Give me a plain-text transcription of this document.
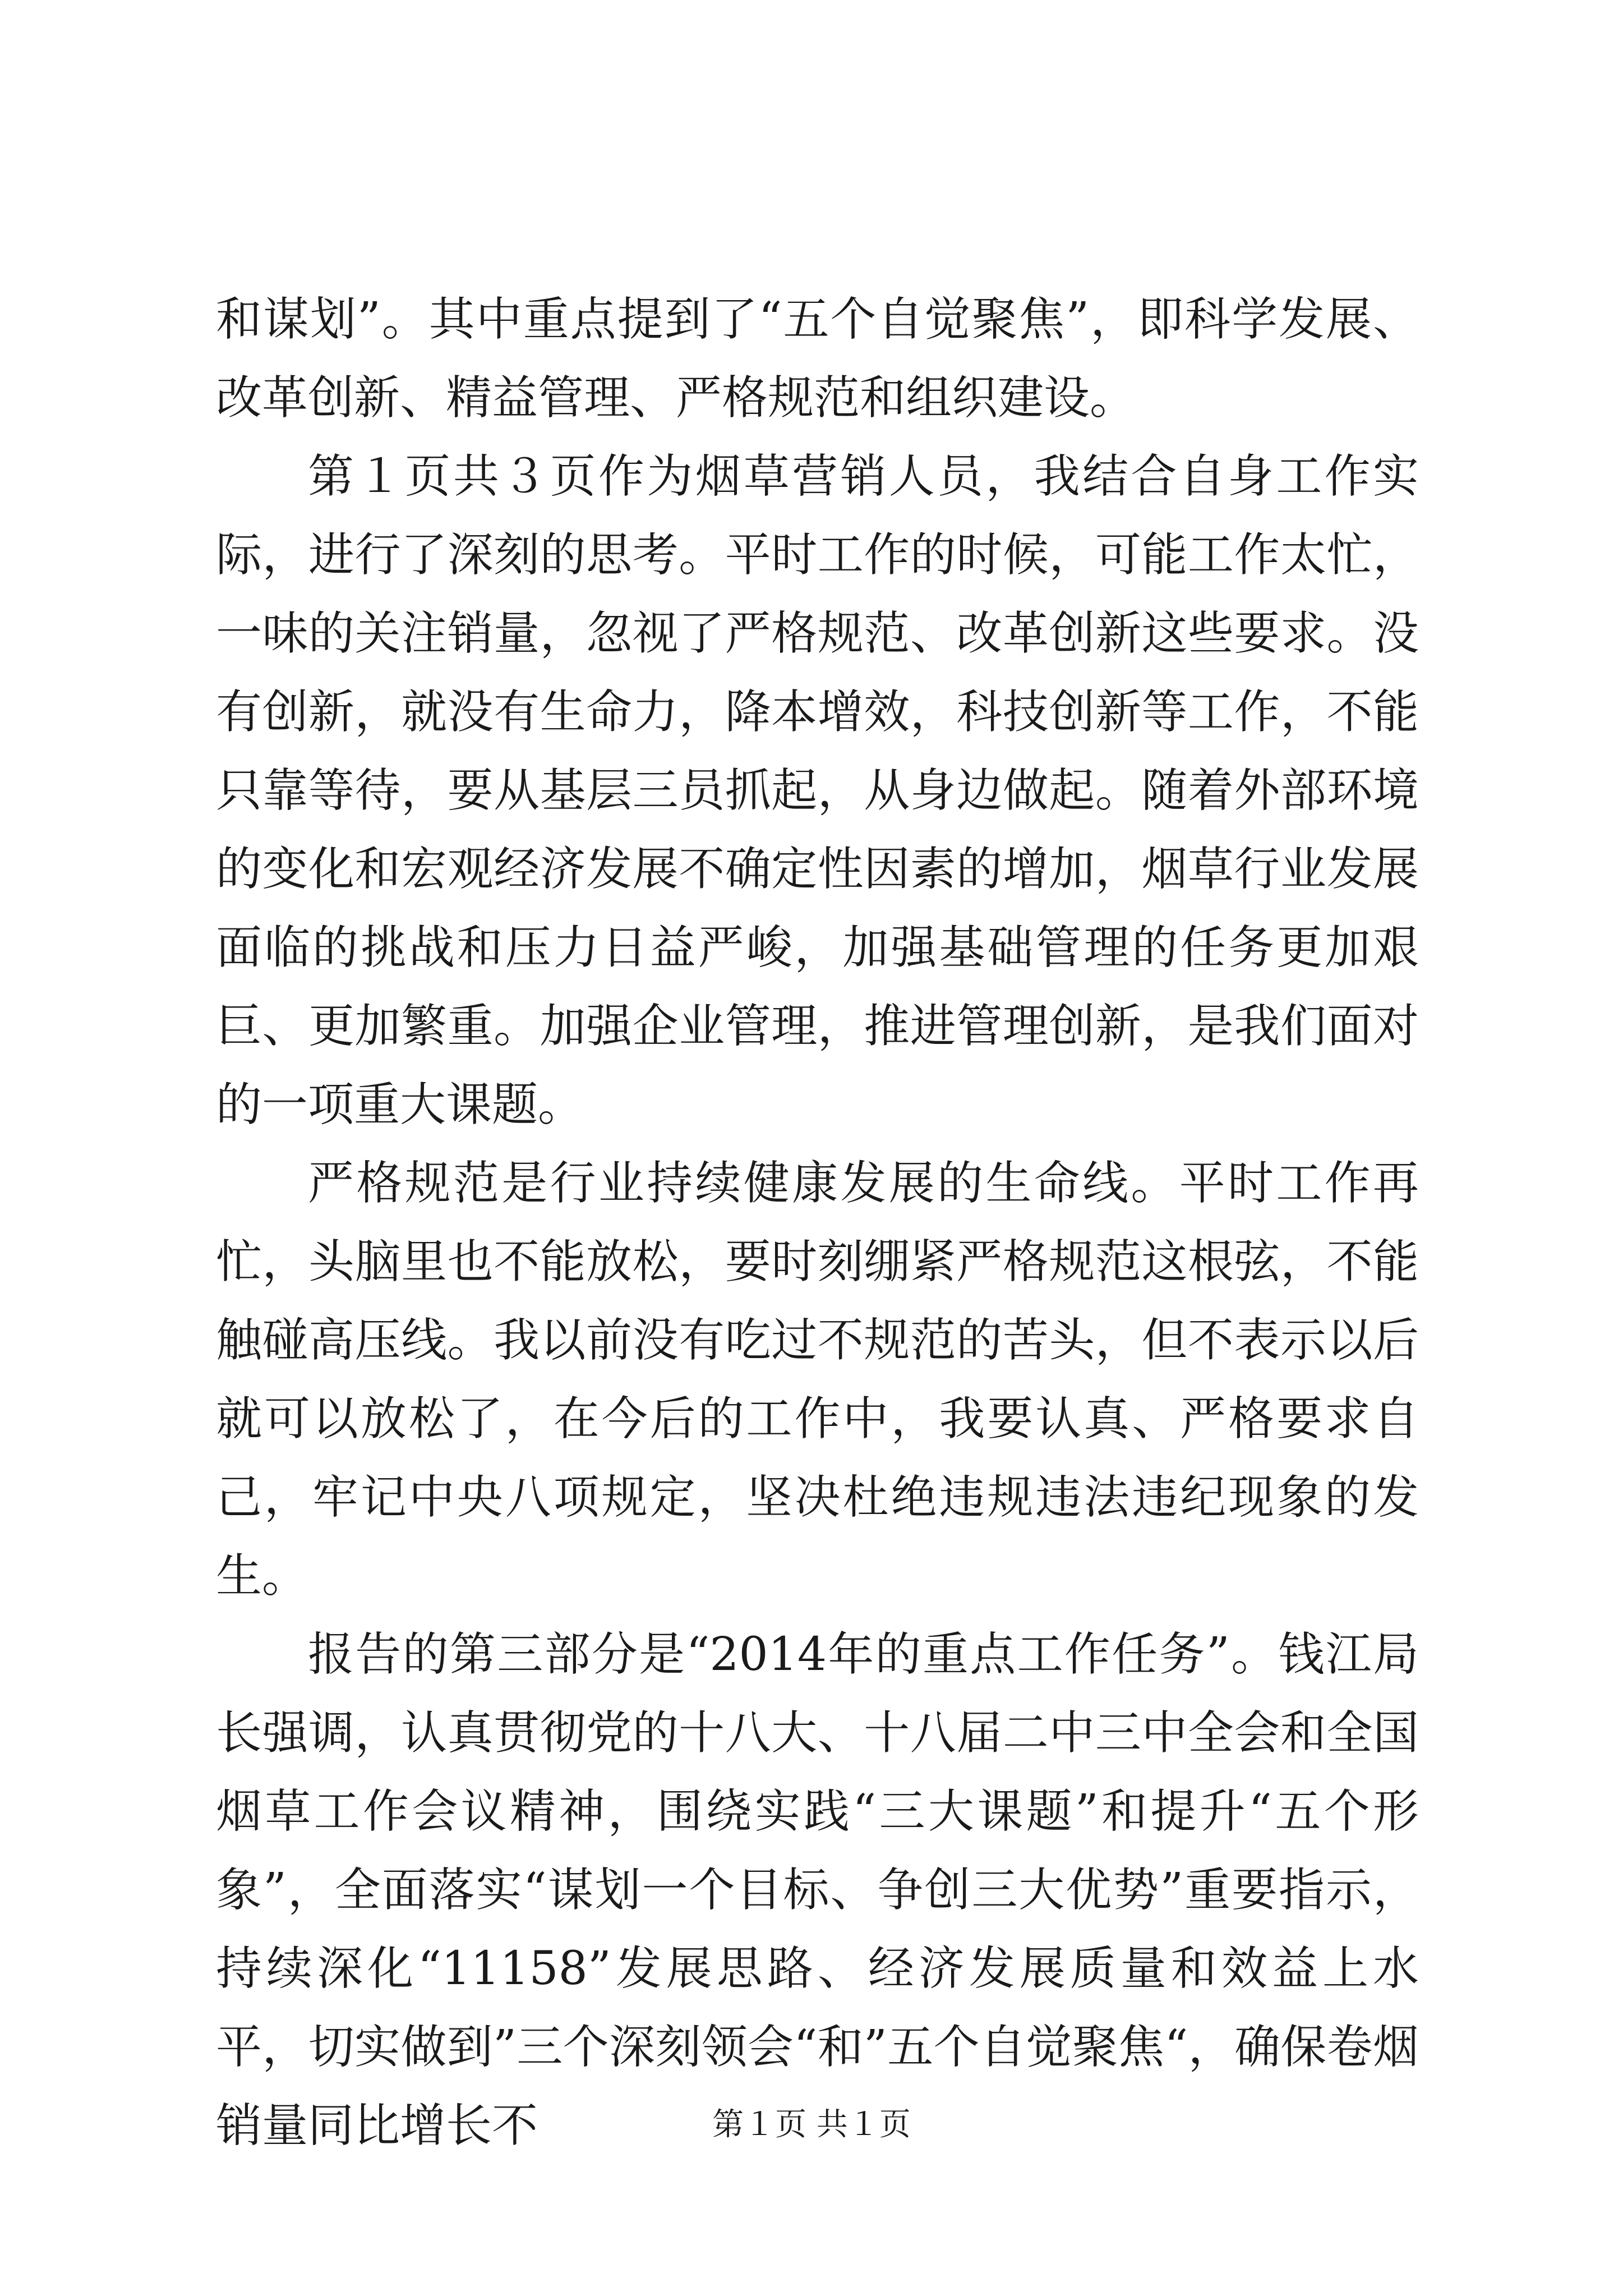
和谋划”。其中重点提到了“五个自觉聚焦”，即科学发展、改革创新、精益管理、严格规范和组织建设。

第１页共３页作为烟草营销人员，我结合自身工作实际，进行了深刻的思考。平时工作的时候，可能工作太忙，一味的关注销量，忽视了严格规范、改革创新这些要求。没有创新，就没有生命力，降本增效，科技创新等工作，不能只靠等待，要从基层三员抓起，从身边做起。随着外部环境的变化和宏观经济发展不确定性因素的增加，烟草行业发展面临的挑战和压力日益严峻，加强基础管理的任务更加艰巨、更加繁重。加强企业管理，推进管理创新，是我们面对的一项重大课题。

严格规范是行业持续健康发展的生命线。平时工作再忙，头脑里也不能放松，要时刻绷紧严格规范这根弦，不能触碰高压线。我以前没有吃过不规范的苦头，但不表示以后就可以放松了，在今后的工作中，我要认真、严格要求自己，牢记中央八项规定，坚决杜绝违规违法违纪现象的发生。

报告的第三部分是“2014年的重点工作任务”。钱江局长强调，认真贯彻党的十八大、十八届二中三中全会和全国烟草工作会议精神，围绕实践“三大课题”和提升“五个形象”，全面落实“谋划一个目标、争创三大优势”重要指示，持续深化“11158”发展思路、经济发展质量和效益上水平，切实做到”三个深刻领会“和”五个自觉聚焦“，确保卷烟销量同比增长不	第１页 共１页
